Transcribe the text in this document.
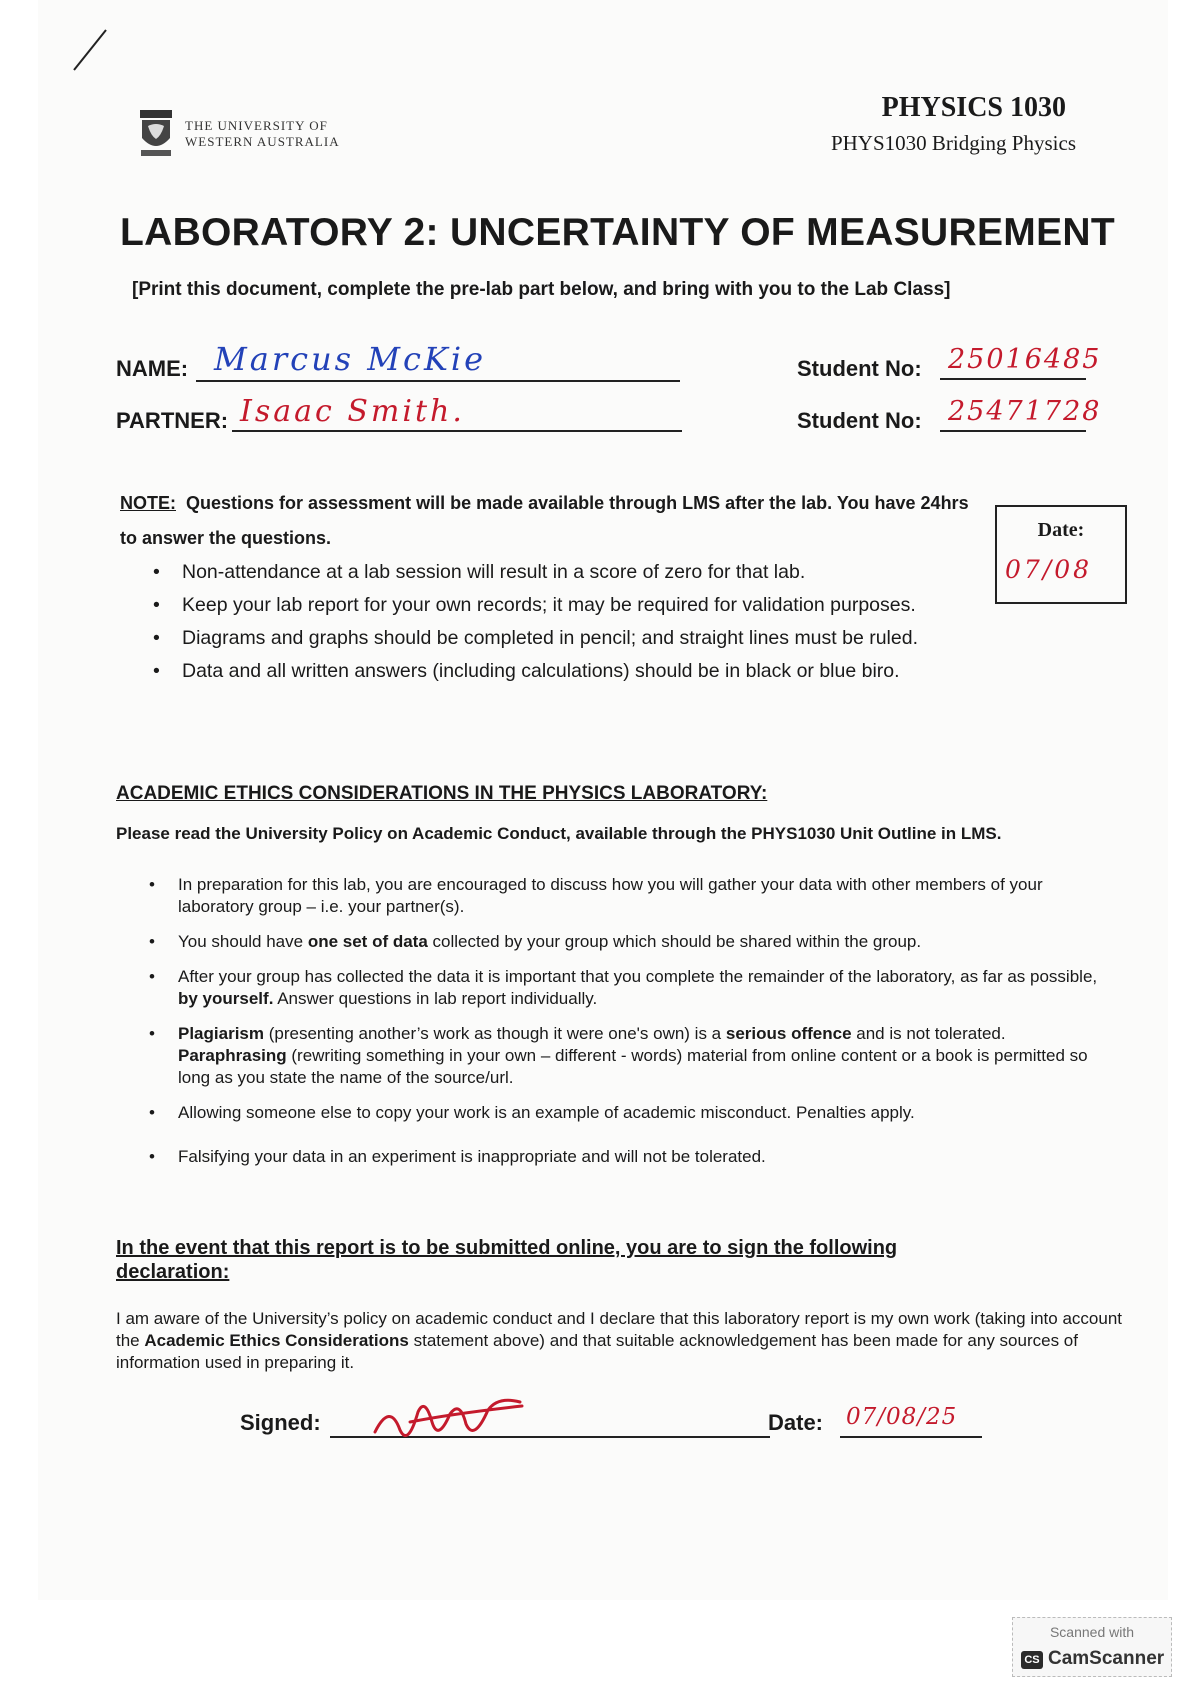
THE UNIVERSITY OF
WESTERN AUSTRALIA
PHYSICS 1030
PHYS1030 Bridging Physics
LABORATORY 2: UNCERTAINTY OF MEASUREMENT
[Print this document, complete the pre-lab part below, and bring with you to the Lab Class]
NAME: Marcus McKie
PARTNER: Isaac Smith.
Student No: 25016485
Student No: 25471728
NOTE: Questions for assessment will be made available through LMS after the lab. You have 24hrs to answer the questions.	Date:
07/08
• Non-attendance at a lab session will result in a score of zero for that lab.
• Keep your lab report for your own records; it may be required for validation purposes.
• Diagrams and graphs should be completed in pencil; and straight lines must be ruled.
• Data and all written answers (including calculations) should be in black or blue biro.
ACADEMIC ETHICS CONSIDERATIONS IN THE PHYSICS LABORATORY:
Please read the University Policy on Academic Conduct, available through the PHYS1030 Unit Outline in LMS.
• In preparation for this lab, you are encouraged to discuss how you will gather your data with other members of your laboratory group – i.e. your partner(s).
• You should have one set of data collected by your group which should be shared within the group.
• After your group has collected the data it is important that you complete the remainder of the laboratory, as far as possible, by yourself. Answer questions in lab report individually.
• Plagiarism (presenting another’s work as though it were one's own) is a serious offence and is not tolerated. Paraphrasing (rewriting something in your own – different - words) material from online content or a book is permitted so long as you state the name of the source/url.
• Allowing someone else to copy your work is an example of academic misconduct. Penalties apply.
• Falsifying your data in an experiment is inappropriate and will not be tolerated.
In the event that this report is to be submitted online, you are to sign the following declaration:
I am aware of the University’s policy on academic conduct and I declare that this laboratory report is my own work (taking into account the Academic Ethics Considerations statement above) and that suitable acknowledgement has been made for any sources of information used in preparing it.
Signed:	Date: 07/08/25
Scanned with
CS CamScanner
